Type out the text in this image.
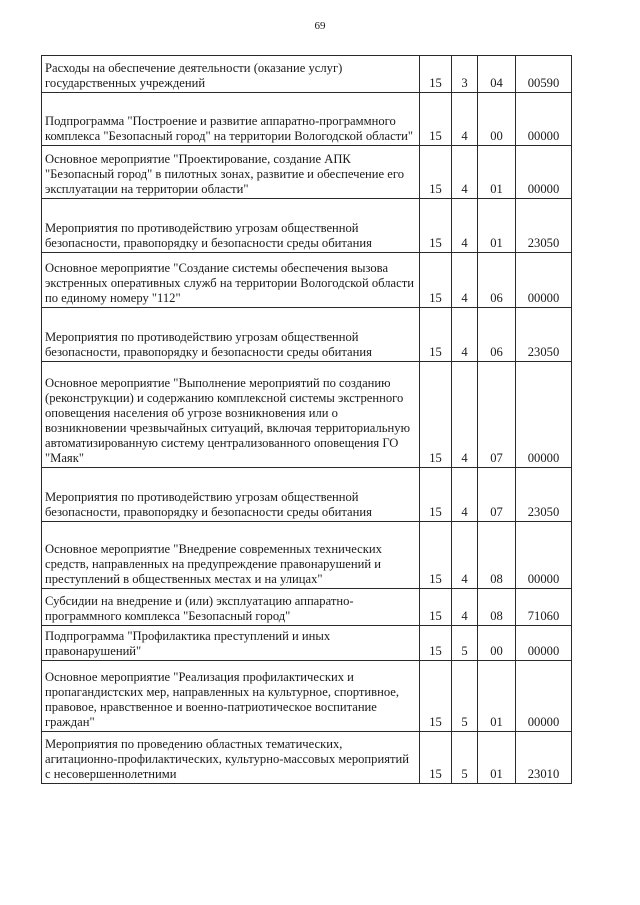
69
Расходы на обеспечение деятельности (оказание услуг) государственных учреждений	15	3	04	00590
Подпрограмма "Построение и развитие аппаратно-программного комплекса "Безопасный город" на территории Вологодской области"	15	4	00	00000
Основное мероприятие "Проектирование, создание АПК "Безопасный город" в пилотных зонах, развитие и обеспечение его эксплуатации на территории области"	15	4	01	00000
Мероприятия по противодействию угрозам общественной безопасности, правопорядку и безопасности среды обитания	15	4	01	23050
Основное мероприятие "Создание системы обеспечения вызова экстренных оперативных служб на территории Вологодской области по единому номеру "112"	15	4	06	00000
Мероприятия по противодействию угрозам общественной безопасности, правопорядку и безопасности среды обитания	15	4	06	23050
Основное мероприятие "Выполнение мероприятий по созданию (реконструкции) и содержанию комплексной системы экстренного оповещения населения об угрозе возникновения или о возникновении чрезвычайных ситуаций, включая территориальную автоматизированную систему централизованного оповещения ГО "Маяк"	15	4	07	00000
Мероприятия по противодействию угрозам общественной безопасности, правопорядку и безопасности среды обитания	15	4	07	23050
Основное мероприятие "Внедрение современных технических средств, направленных на предупреждение правонарушений и преступлений в общественных местах и на улицах"	15	4	08	00000
Субсидии на внедрение и (или) эксплуатацию аппаратно-программного комплекса "Безопасный город"	15	4	08	71060
Подпрограмма "Профилактика преступлений и иных правонарушений"	15	5	00	00000
Основное мероприятие "Реализация профилактических и пропагандистских мер, направленных на культурное, спортивное, правовое, нравственное и военно-патриотическое воспитание граждан"	15	5	01	00000
Мероприятия по проведению областных тематических, агитационно-профилактических, культурно-массовых мероприятий с несовершеннолетними	15	5	01	23010
